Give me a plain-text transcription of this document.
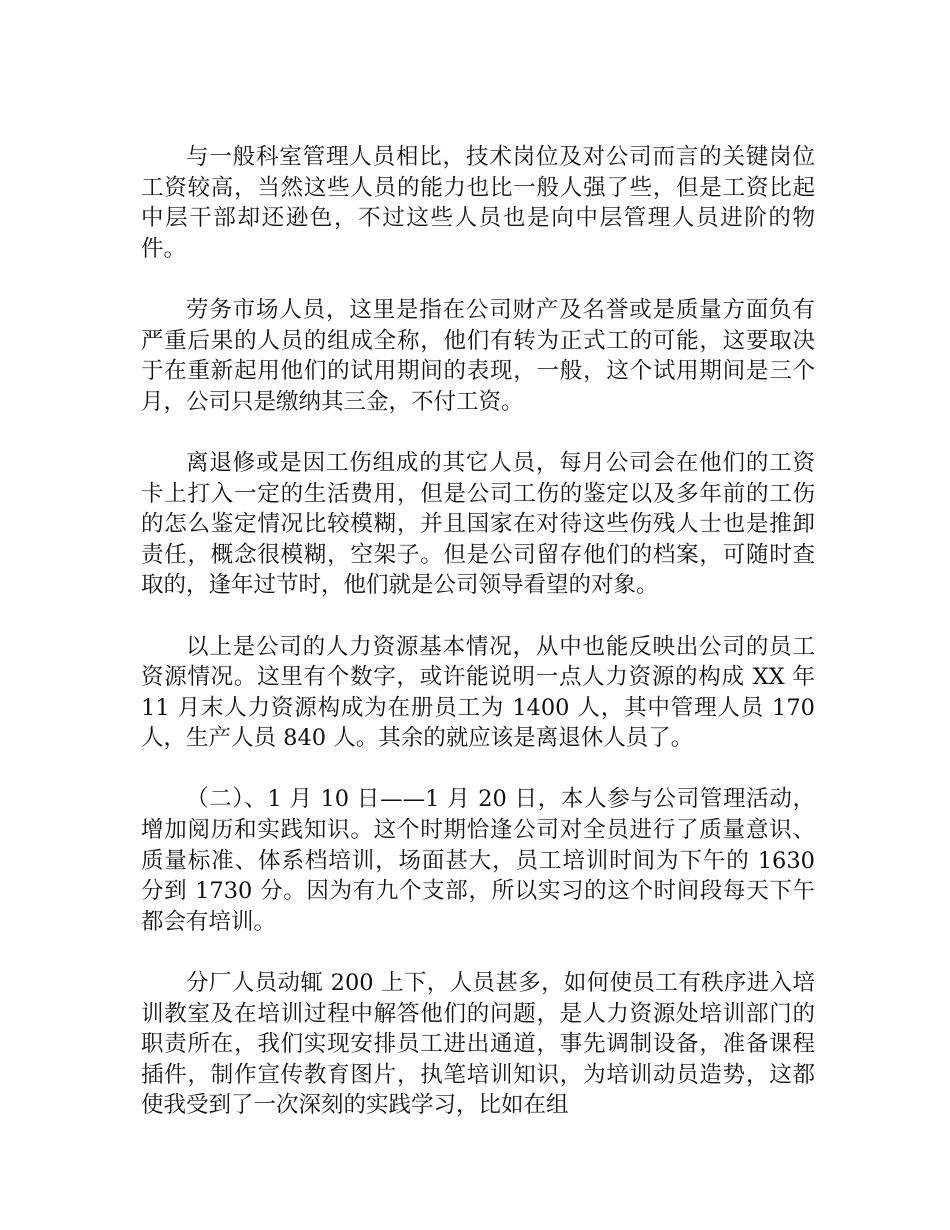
与一般科室管理人员相比，技术岗位及对公司而言的关键岗位工资较高，当然这些人员的能力也比一般人强了些，但是工资比起中层干部却还逊色，不过这些人员也是向中层管理人员进阶的物件。

劳务市场人员，这里是指在公司财产及名誉或是质量方面负有严重后果的人员的组成全称，他们有转为正式工的可能，这要取决于在重新起用他们的试用期间的表现，一般，这个试用期间是三个月，公司只是缴纳其三金，不付工资。

离退修或是因工伤组成的其它人员，每月公司会在他们的工资卡上打入一定的生活费用，但是公司工伤的鉴定以及多年前的工伤的怎么鉴定情况比较模糊，并且国家在对待这些伤残人士也是推卸责任，概念很模糊，空架子。但是公司留存他们的档案，可随时查取的，逢年过节时，他们就是公司领导看望的对象。

以上是公司的人力资源基本情况，从中也能反映出公司的员工资源情况。这里有个数字，或许能说明一点人力资源的构成 XX 年 11 月末人力资源构成为在册员工为 1400 人，其中管理人员 170 人，生产人员 840 人。其余的就应该是离退休人员了。

（二）、1 月 10 日——1 月 20 日，本人参与公司管理活动，增加阅历和实践知识。这个时期恰逢公司对全员进行了质量意识、质量标准、体系档培训，场面甚大，员工培训时间为下午的 1630 分到 1730 分。因为有九个支部，所以实习的这个时间段每天下午都会有培训。

分厂人员动辄 200 上下，人员甚多，如何使员工有秩序进入培训教室及在培训过程中解答他们的问题，是人力资源处培训部门的职责所在，我们实现安排员工进出通道，事先调制设备，准备课程插件，制作宣传教育图片，执笔培训知识，为培训动员造势，这都使我受到了一次深刻的实践学习，比如在组
